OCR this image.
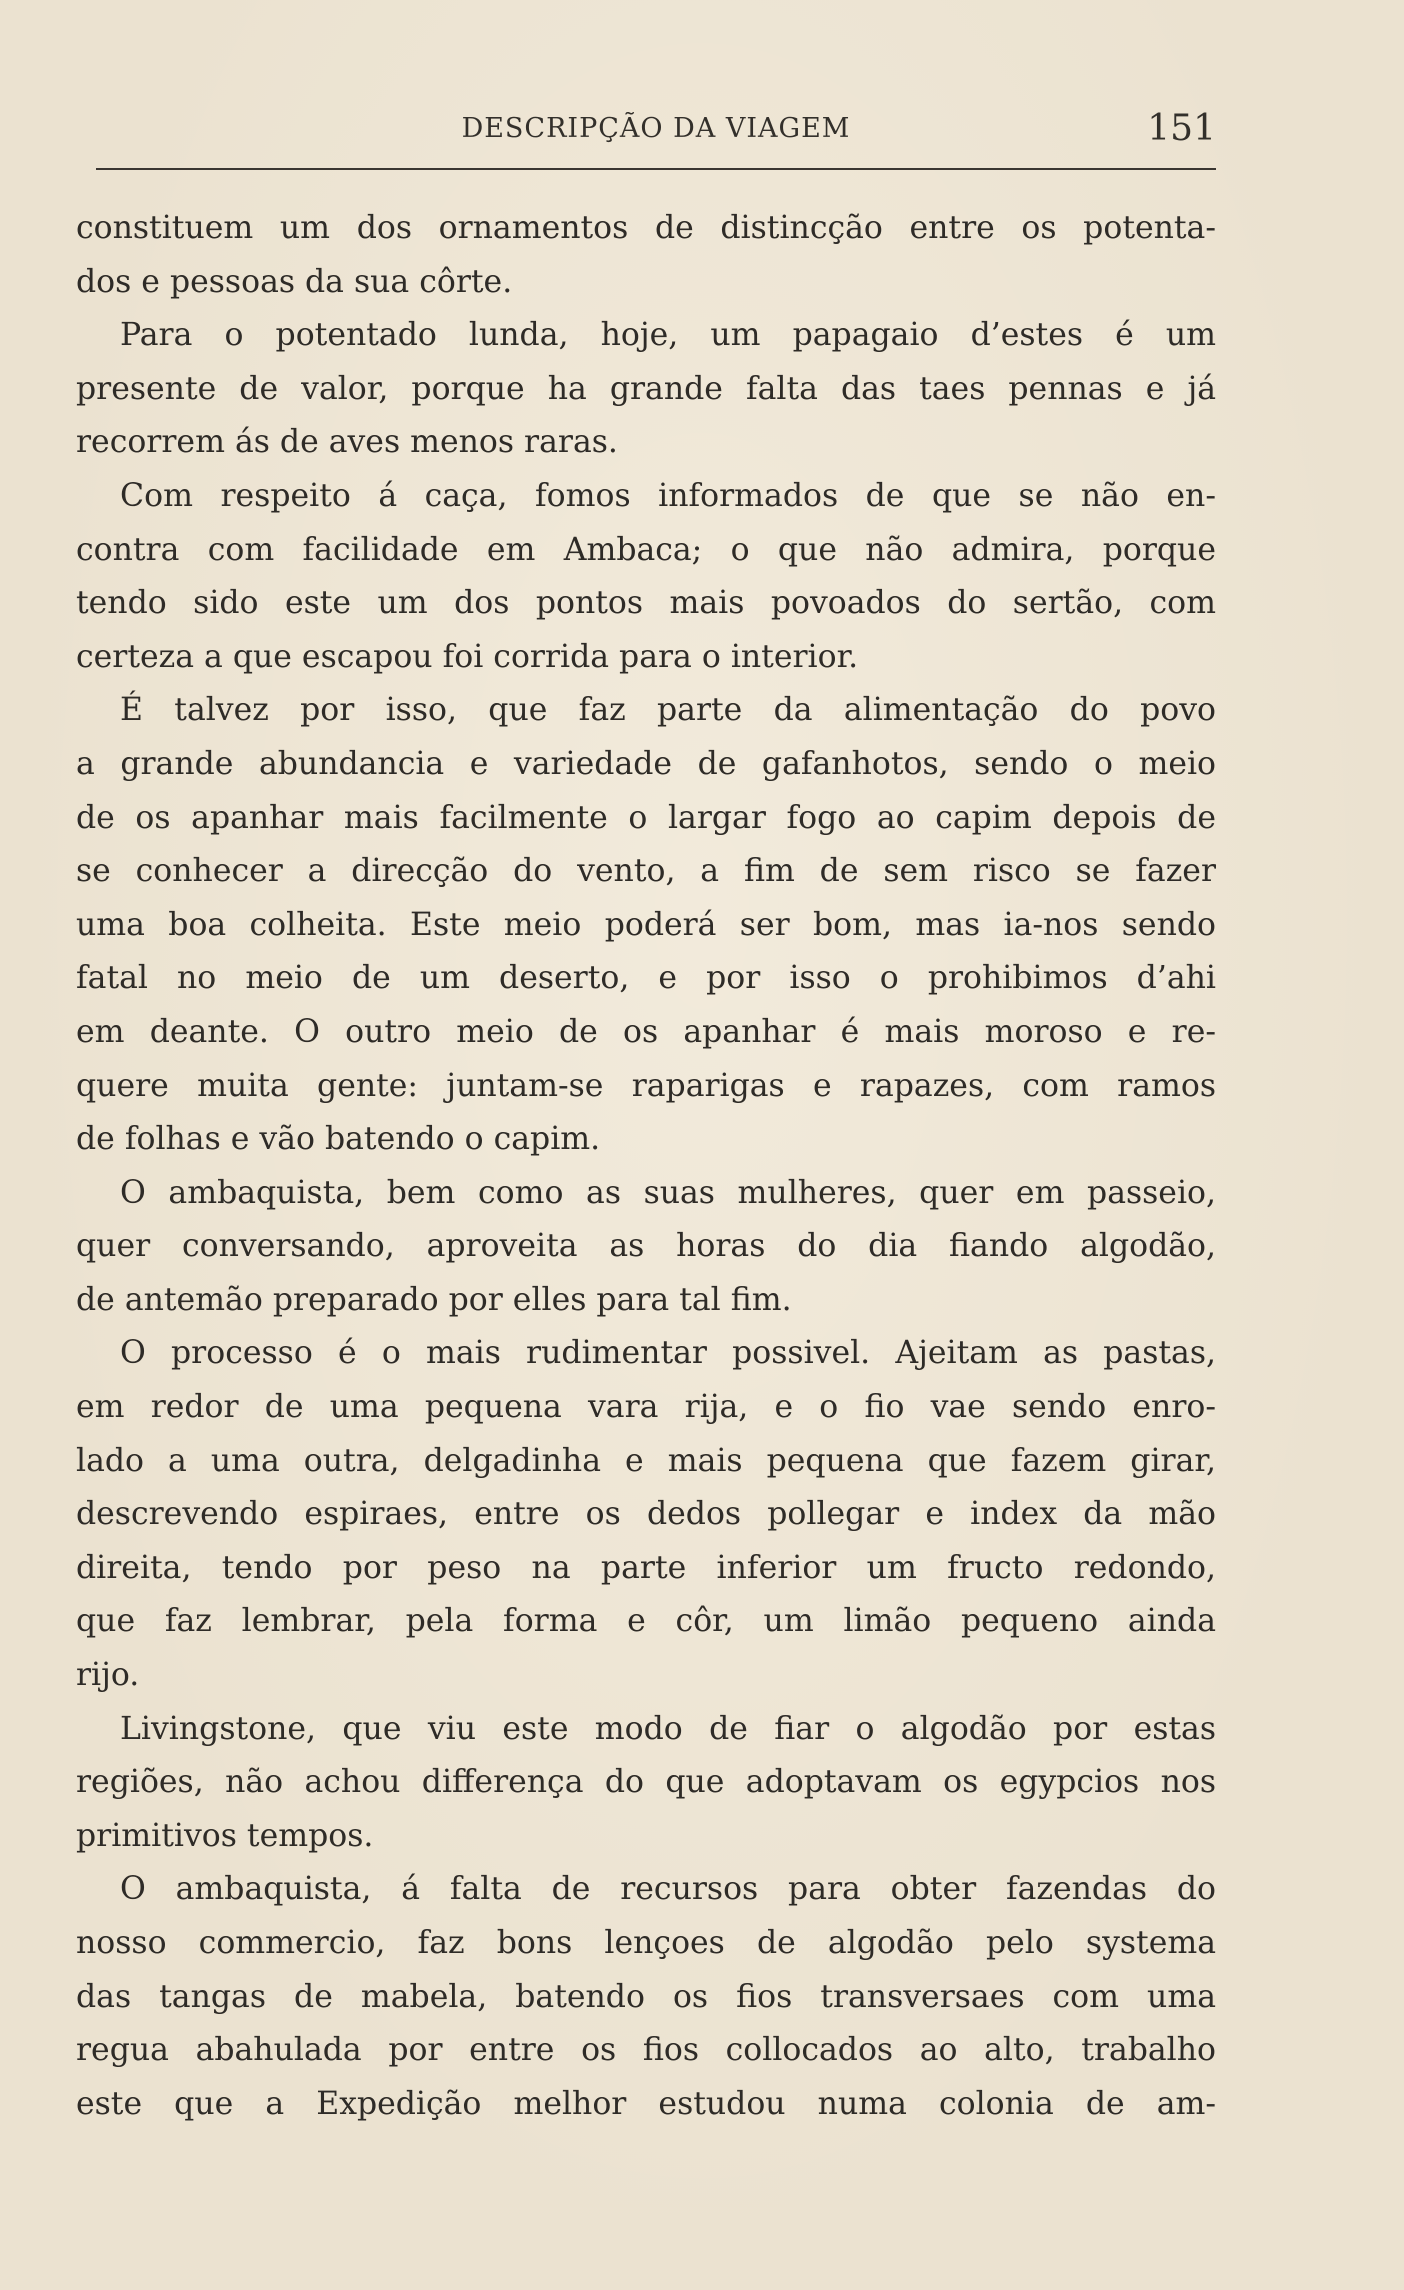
DESCRIPÇÃO DA VIAGEM	151
constituem um dos ornamentos de distincção entre os potenta-
dos e pessoas da sua côrte.
Para o potentado lunda, hoje, um papagaio d’estes é um
presente de valor, porque ha grande falta das taes pennas e já
recorrem ás de aves menos raras.
Com respeito á caça, fomos informados de que se não en-
contra com facilidade em Ambaca; o que não admira, porque
tendo sido este um dos pontos mais povoados do sertão, com
certeza a que escapou foi corrida para o interior.
É talvez por isso, que faz parte da alimentação do povo
a grande abundancia e variedade de gafanhotos, sendo o meio
de os apanhar mais facilmente o largar fogo ao capim depois de
se conhecer a direcção do vento, a fim de sem risco se fazer
uma boa colheita. Este meio poderá ser bom, mas ia-nos sendo
fatal no meio de um deserto, e por isso o prohibimos d’ahi
em deante. O outro meio de os apanhar é mais moroso e re-
quere muita gente: juntam-se raparigas e rapazes, com ramos
de folhas e vão batendo o capim.
O ambaquista, bem como as suas mulheres, quer em passeio,
quer conversando, aproveita as horas do dia fiando algodão,
de antemão preparado por elles para tal fim.
O processo é o mais rudimentar possivel. Ajeitam as pastas,
em redor de uma pequena vara rija, e o fio vae sendo enro-
lado a uma outra, delgadinha e mais pequena que fazem girar,
descrevendo espiraes, entre os dedos pollegar e index da mão
direita, tendo por peso na parte inferior um fructo redondo,
que faz lembrar, pela forma e côr, um limão pequeno ainda
rijo.
Livingstone, que viu este modo de fiar o algodão por estas
regiões, não achou differença do que adoptavam os egypcios nos
primitivos tempos.
O ambaquista, á falta de recursos para obter fazendas do
nosso commercio, faz bons lençoes de algodão pelo systema
das tangas de mabela, batendo os fios transversaes com uma
regua abahulada por entre os fios collocados ao alto, trabalho
este que a Expedição melhor estudou numa colonia de am-
